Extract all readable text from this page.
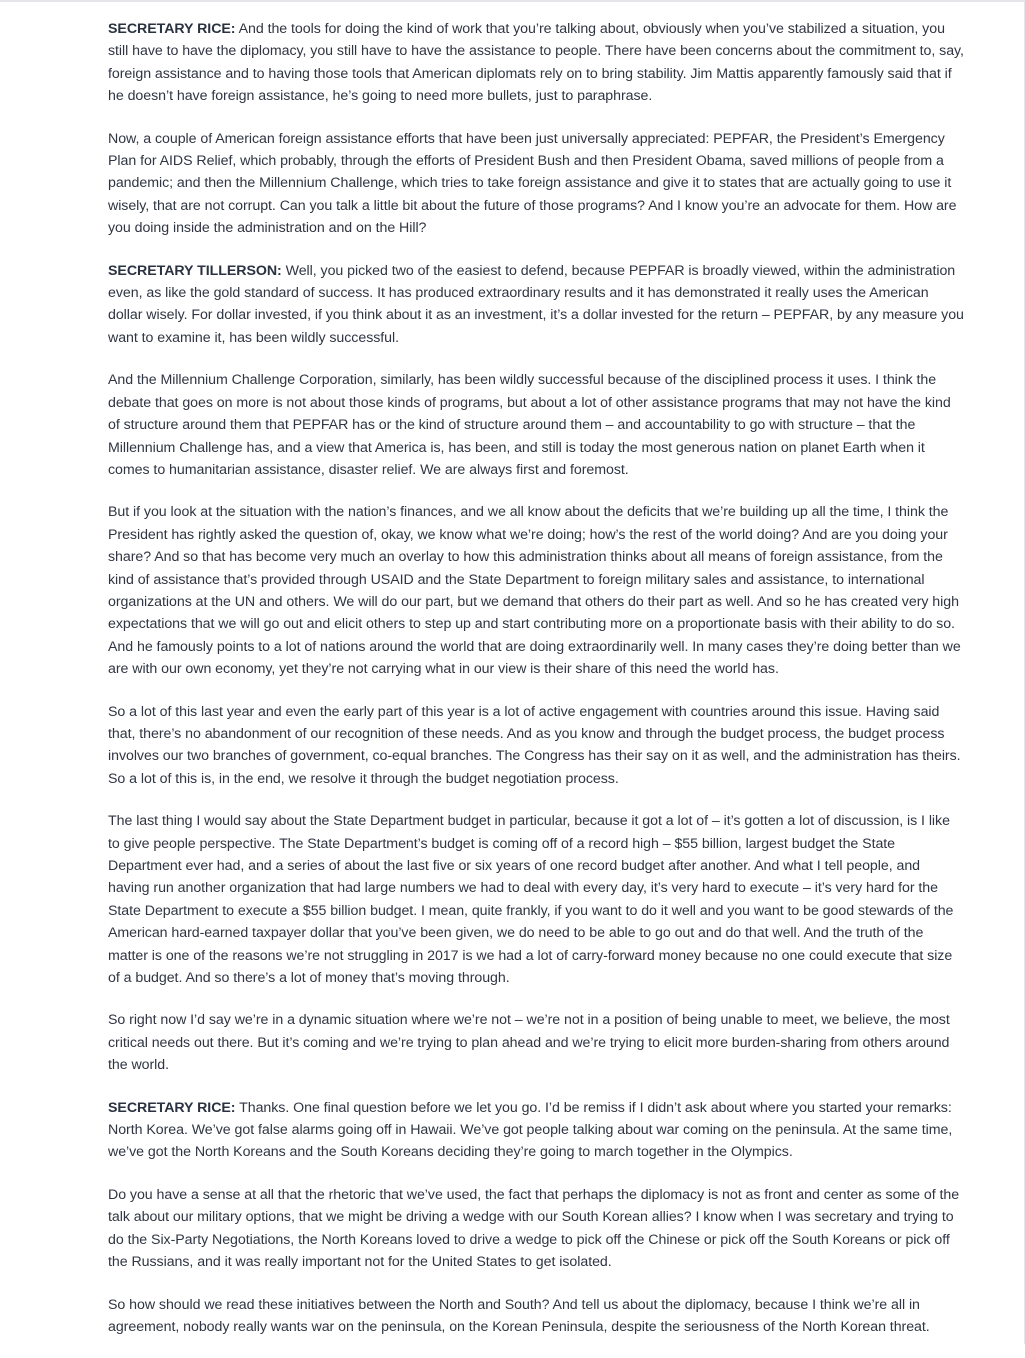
SECRETARY RICE: And the tools for doing the kind of work that you’re talking about, obviously when you’ve stabilized a situation, you still have to have the diplomacy, you still have to have the assistance to people. There have been concerns about the commitment to, say, foreign assistance and to having those tools that American diplomats rely on to bring stability. Jim Mattis apparently famously said that if he doesn’t have foreign assistance, he’s going to need more bullets, just to paraphrase.

Now, a couple of American foreign assistance efforts that have been just universally appreciated: PEPFAR, the President’s Emergency Plan for AIDS Relief, which probably, through the efforts of President Bush and then President Obama, saved millions of people from a pandemic; and then the Millennium Challenge, which tries to take foreign assistance and give it to states that are actually going to use it wisely, that are not corrupt. Can you talk a little bit about the future of those programs? And I know you’re an advocate for them. How are you doing inside the administration and on the Hill?

SECRETARY TILLERSON: Well, you picked two of the easiest to defend, because PEPFAR is broadly viewed, within the administration even, as like the gold standard of success. It has produced extraordinary results and it has demonstrated it really uses the American dollar wisely. For dollar invested, if you think about it as an investment, it’s a dollar invested for the return – PEPFAR, by any measure you want to examine it, has been wildly successful.

And the Millennium Challenge Corporation, similarly, has been wildly successful because of the disciplined process it uses. I think the debate that goes on more is not about those kinds of programs, but about a lot of other assistance programs that may not have the kind of structure around them that PEPFAR has or the kind of structure around them – and accountability to go with structure – that the Millennium Challenge has, and a view that America is, has been, and still is today the most generous nation on planet Earth when it comes to humanitarian assistance, disaster relief. We are always first and foremost.

But if you look at the situation with the nation’s finances, and we all know about the deficits that we’re building up all the time, I think the President has rightly asked the question of, okay, we know what we’re doing; how’s the rest of the world doing? And are you doing your share? And so that has become very much an overlay to how this administration thinks about all means of foreign assistance, from the kind of assistance that’s provided through USAID and the State Department to foreign military sales and assistance, to international organizations at the UN and others. We will do our part, but we demand that others do their part as well. And so he has created very high expectations that we will go out and elicit others to step up and start contributing more on a proportionate basis with their ability to do so. And he famously points to a lot of nations around the world that are doing extraordinarily well. In many cases they’re doing better than we are with our own economy, yet they’re not carrying what in our view is their share of this need the world has.

So a lot of this last year and even the early part of this year is a lot of active engagement with countries around this issue. Having said that, there’s no abandonment of our recognition of these needs. And as you know and through the budget process, the budget process involves our two branches of government, co-equal branches. The Congress has their say on it as well, and the administration has theirs. So a lot of this is, in the end, we resolve it through the budget negotiation process.

The last thing I would say about the State Department budget in particular, because it got a lot of – it’s gotten a lot of discussion, is I like to give people perspective. The State Department’s budget is coming off of a record high – $55 billion, largest budget the State Department ever had, and a series of about the last five or six years of one record budget after another. And what I tell people, and having run another organization that had large numbers we had to deal with every day, it’s very hard to execute – it’s very hard for the State Department to execute a $55 billion budget. I mean, quite frankly, if you want to do it well and you want to be good stewards of the American hard-earned taxpayer dollar that you’ve been given, we do need to be able to go out and do that well. And the truth of the matter is one of the reasons we’re not struggling in 2017 is we had a lot of carry-forward money because no one could execute that size of a budget. And so there’s a lot of money that’s moving through.

So right now I’d say we’re in a dynamic situation where we’re not – we’re not in a position of being unable to meet, we believe, the most critical needs out there. But it’s coming and we’re trying to plan ahead and we’re trying to elicit more burden-sharing from others around the world.

SECRETARY RICE: Thanks. One final question before we let you go. I’d be remiss if I didn’t ask about where you started your remarks: North Korea. We’ve got false alarms going off in Hawaii. We’ve got people talking about war coming on the peninsula. At the same time, we’ve got the North Koreans and the South Koreans deciding they’re going to march together in the Olympics.

Do you have a sense at all that the rhetoric that we’ve used, the fact that perhaps the diplomacy is not as front and center as some of the talk about our military options, that we might be driving a wedge with our South Korean allies? I know when I was secretary and trying to do the Six-Party Negotiations, the North Koreans loved to drive a wedge to pick off the Chinese or pick off the South Koreans or pick off the Russians, and it was really important not for the United States to get isolated.

So how should we read these initiatives between the North and South? And tell us about the diplomacy, because I think we’re all in agreement, nobody really wants war on the peninsula, on the Korean Peninsula, despite the seriousness of the North Korean threat.
